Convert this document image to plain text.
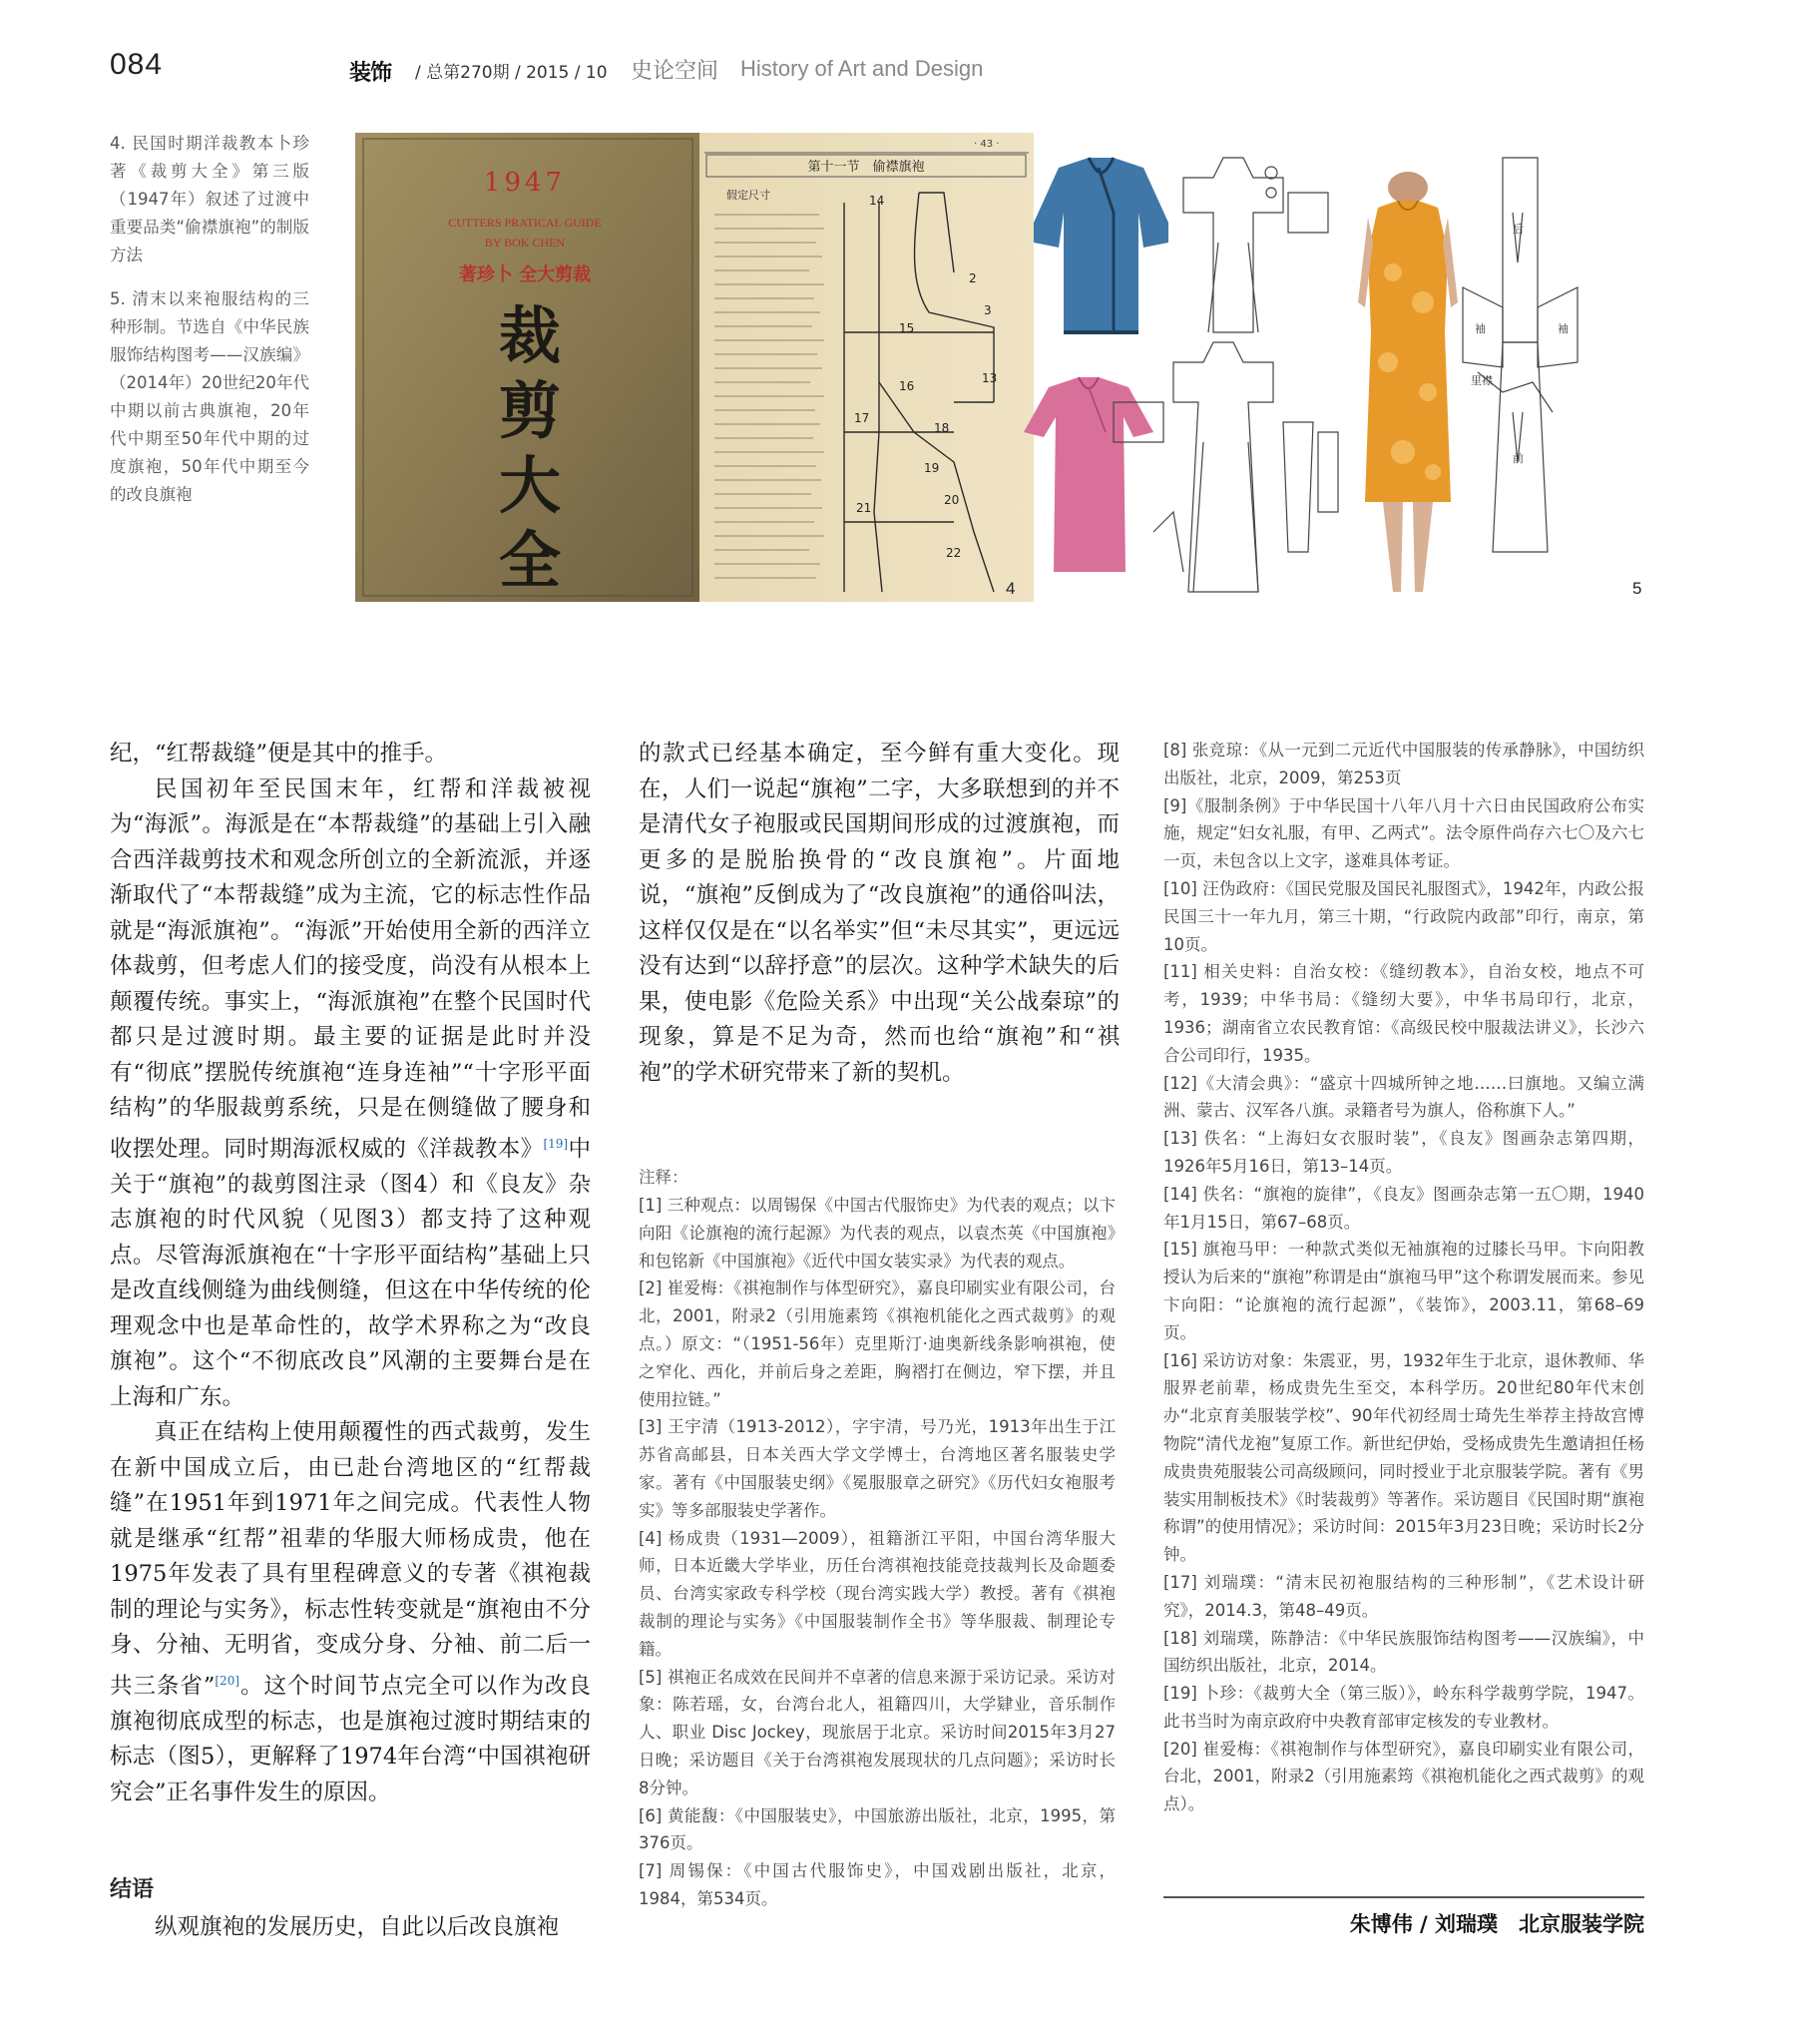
084	装饰 / 总第270期 / 2015 / 10 史论空间 History of Art and Design
4. 民国时期洋裁教本卜珍著《裁剪大全》第三版（1947年）叙述了过渡中重要品类“偷襟旗袍”的制版方法
5. 清末以来袍服结构的三种形制。节选自《中华民族服饰结构图考——汉族编》（2014年）20世纪20年代中期以前古典旗袍，20年代中期至50年代中期的过度旗袍，50年代中期至今的改良旗袍
1947
CUTTERS PRATICAL GUIDE
BY BOK CHEN
著珍卜 全大剪裁
裁
剪
大
全
· 43 ·
第十一节　偷襟旗袍
假定尺寸	14
15
16
17
18
19
20
21
22
2
3
13
4
后
袖	袖
前
里襟
5

纪，“红帮裁缝”便是其中的推手。

民国初年至民国末年，红帮和洋裁被视为“海派”。海派是在“本帮裁缝”的基础上引入融合西洋裁剪技术和观念所创立的全新流派，并逐渐取代了“本帮裁缝”成为主流，它的标志性作品就是“海派旗袍”。“海派”开始使用全新的西洋立体裁剪，但考虑人们的接受度，尚没有从根本上颠覆传统。事实上，“海派旗袍”在整个民国时代都只是过渡时期。最主要的证据是此时并没有“彻底”摆脱传统旗袍“连身连袖”“十字形平面结构”的华服裁剪系统，只是在侧缝做了腰身和收摆处理。同时期海派权威的《洋裁教本》[19]中关于“旗袍”的裁剪图注录（图4）和《良友》杂志旗袍的时代风貌（见图3）都支持了这种观点。尽管海派旗袍在“十字形平面结构”基础上只是改直线侧缝为曲线侧缝，但这在中华传统的伦理观念中也是革命性的，故学术界称之为“改良旗袍”。这个“不彻底改良”风潮的主要舞台是在上海和广东。

真正在结构上使用颠覆性的西式裁剪，发生在新中国成立后，由已赴台湾地区的“红帮裁缝”在1951年到1971年之间完成。代表性人物就是继承“红帮”祖辈的华服大师杨成贵，他在1975年发表了具有里程碑意义的专著《祺袍裁制的理论与实务》，标志性转变就是“旗袍由不分身、分袖、无明省，变成分身、分袖、前二后一共三条省”[20]。这个时间节点完全可以作为改良旗袍彻底成型的标志，也是旗袍过渡时期结束的标志（图5），更解释了1974年台湾“中国祺袍研究会”正名事件发生的原因。

结语

纵观旗袍的发展历史，自此以后改良旗袍

的款式已经基本确定，至今鲜有重大变化。现在，人们一说起“旗袍”二字，大多联想到的并不是清代女子袍服或民国期间形成的过渡旗袍，而更多的是脱胎换骨的“改良旗袍”。片面地说，“旗袍”反倒成为了“改良旗袍”的通俗叫法，这样仅仅是在“以名举实”但“未尽其实”，更远远没有达到“以辞抒意”的层次。这种学术缺失的后果，使电影《危险关系》中出现“关公战秦琼”的现象，算是不足为奇，然而也给“旗袍”和“祺袍”的学术研究带来了新的契机。

注释：

[1] 三种观点：以周锡保《中国古代服饰史》为代表的观点；以卞向阳《论旗袍的流行起源》为代表的观点，以袁杰英《中国旗袍》和包铭新《中国旗袍》《近代中国女装实录》为代表的观点。

[2] 崔爱梅：《祺袍制作与体型研究》，嘉良印刷实业有限公司，台北，2001，附录2（引用施素筠《祺袍机能化之西式裁剪》的观点。）原文：“（1951-56年）克里斯汀·迪奥新线条影响祺袍，使之窄化、西化，并前后身之差距，胸褶打在侧边，窄下摆，并且使用拉链。”

[3] 王宇清（1913-2012），字宇清，号乃光，1913年出生于江苏省高邮县，日本关西大学文学博士，台湾地区著名服装史学家。著有《中国服装史纲》《冕服服章之研究》《历代妇女袍服考实》等多部服装史学著作。

[4] 杨成贵（1931—2009），祖籍浙江平阳，中国台湾华服大师，日本近畿大学毕业，历任台湾祺袍技能竞技裁判长及命题委员、台湾实家政专科学校（现台湾实践大学）教授。著有《祺袍裁制的理论与实务》《中国服装制作全书》等华服裁、制理论专籍。

[5] 祺袍正名成效在民间并不卓著的信息来源于采访记录。采访对象：陈若瑶，女，台湾台北人，祖籍四川，大学肄业，音乐制作人、职业 Disc Jockey，现旅居于北京。采访时间2015年3月27日晚；采访题目《关于台湾祺袍发展现状的几点问题》；采访时长8分钟。

[6] 黄能馥：《中国服装史》，中国旅游出版社，北京，1995，第376页。

[7] 周锡保：《中国古代服饰史》，中国戏剧出版社，北京，1984，第534页。

[8] 张竞琼：《从一元到二元近代中国服装的传承静脉》，中国纺织出版社，北京，2009，第253页

[9]《服制条例》于中华民国十八年八月十六日由民国政府公布实施，规定“妇女礼服，有甲、乙两式”。法令原件尚存六七〇及六七一页，未包含以上文字，遂难具体考证。

[10] 汪伪政府：《国民党服及国民礼服图式》，1942年，内政公报民国三十一年九月，第三十期，“行政院内政部”印行，南京，第10页。

[11] 相关史料：自治女校：《缝纫教本》，自治女校，地点不可考，1939；中华书局：《缝纫大要》，中华书局印行，北京，1936；湖南省立农民教育馆：《高级民校中服裁法讲义》，长沙六合公司印行，1935。

[12]《大清会典》：“盛京十四城所钟之地……曰旗地。又编立满洲、蒙古、汉军各八旗。录籍者号为旗人，俗称旗下人。”

[13] 佚名：“上海妇女衣服时装”，《良友》图画杂志第四期，1926年5月16日，第13–14页。

[14] 佚名：“旗袍的旋律”，《良友》图画杂志第一五〇期，1940年1月15日，第67–68页。

[15] 旗袍马甲：一种款式类似无袖旗袍的过膝长马甲。卞向阳教授认为后来的“旗袍”称谓是由“旗袍马甲”这个称谓发展而来。参见卞向阳：“论旗袍的流行起源”，《装饰》，2003.11，第68–69页。

[16] 采访访对象：朱震亚，男，1932年生于北京，退休教师、华服界老前辈，杨成贵先生至交，本科学历。20世纪80年代末创办“北京育美服装学校”、90年代初经周士琦先生举荐主持故宫博物院“清代龙袍”复原工作。新世纪伊始，受杨成贵先生邀请担任杨成贵贵苑服装公司高级顾问，同时授业于北京服装学院。著有《男装实用制板技术》《时装裁剪》等著作。采访题目《民国时期“旗袍称谓”的使用情况》；采访时间：2015年3月23日晚；采访时长2分钟。

[17] 刘瑞璞：“清末民初袍服结构的三种形制”，《艺术设计研究》，2014.3，第48–49页。

[18] 刘瑞璞，陈静洁：《中华民族服饰结构图考——汉族编》，中国纺织出版社，北京，2014。

[19] 卜珍：《裁剪大全（第三版）》，岭东科学裁剪学院，1947。此书当时为南京政府中央教育部审定核发的专业教材。

[20] 崔爱梅：《祺袍制作与体型研究》，嘉良印刷实业有限公司，台北，2001，附录2（引用施素筠《祺袍机能化之西式裁剪》的观点）。

朱博伟 / 刘瑞璞　北京服装学院
